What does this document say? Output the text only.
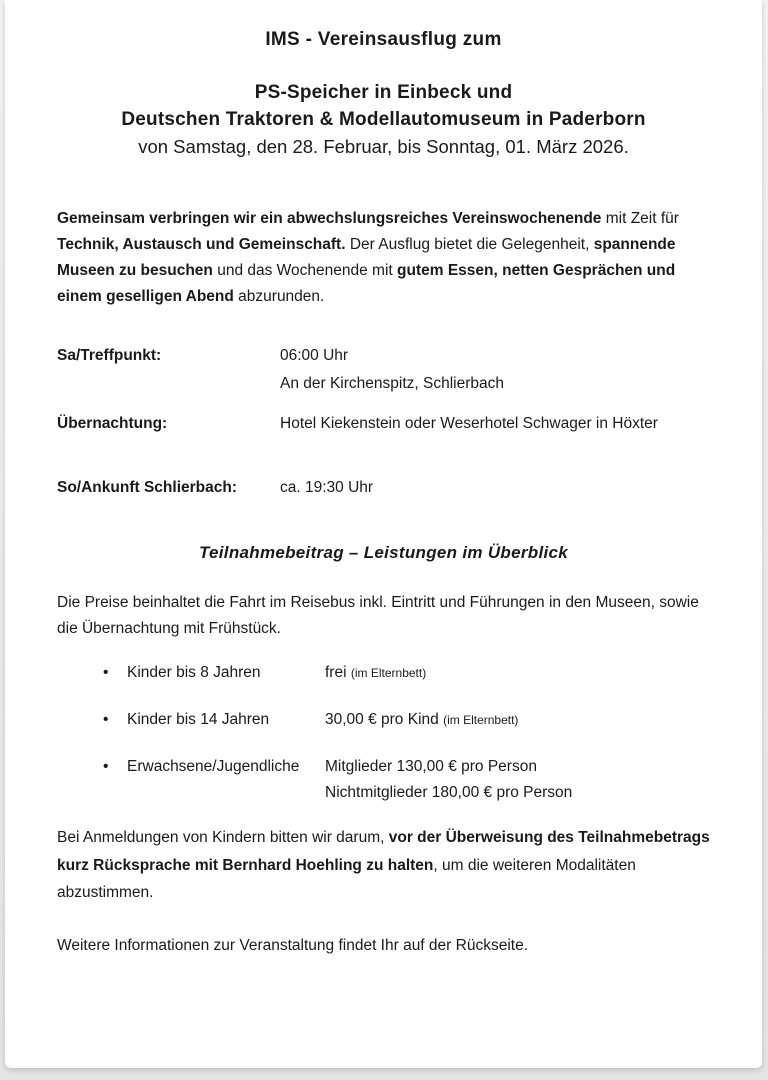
IMS - Vereinsausflug zum
PS-Speicher in Einbeck und
Deutschen Traktoren & Modellautomuseum in Paderborn
von Samstag, den 28. Februar, bis Sonntag, 01. März 2026.

Gemeinsam verbringen wir ein abwechslungsreiches Vereinswochenende mit Zeit für Technik, Austausch und Gemeinschaft. Der Ausflug bietet die Gelegenheit, spannende Museen zu besuchen und das Wochenende mit gutem Essen, netten Gesprächen und einem geselligen Abend abzurunden.

Sa/Treffpunkt:	06:00 Uhr
An der Kirchenspitz, Schlierbach
Übernachtung:	Hotel Kiekenstein oder Weserhotel Schwager in Höxter
So/Ankunft Schlierbach:	ca. 19:30 Uhr
Teilnahmebeitrag – Leistungen im Überblick

Die Preise beinhaltet die Fahrt im Reisebus inkl. Eintritt und Führungen in den Museen, sowie die Übernachtung mit Frühstück.

•	Kinder bis 8 Jahren	frei (im Elternbett)
•	Kinder bis 14 Jahren	30,00 € pro Kind (im Elternbett)
•	Erwachsene/Jugendliche	Mitglieder 130,00 € pro Person
Nichtmitglieder 180,00 € pro Person

Bei Anmeldungen von Kindern bitten wir darum, vor der Überweisung des Teilnahmebetrags kurz Rücksprache mit Bernhard Hoehling zu halten, um die weiteren Modalitäten abzustimmen.

Weitere Informationen zur Veranstaltung findet Ihr auf der Rückseite.
